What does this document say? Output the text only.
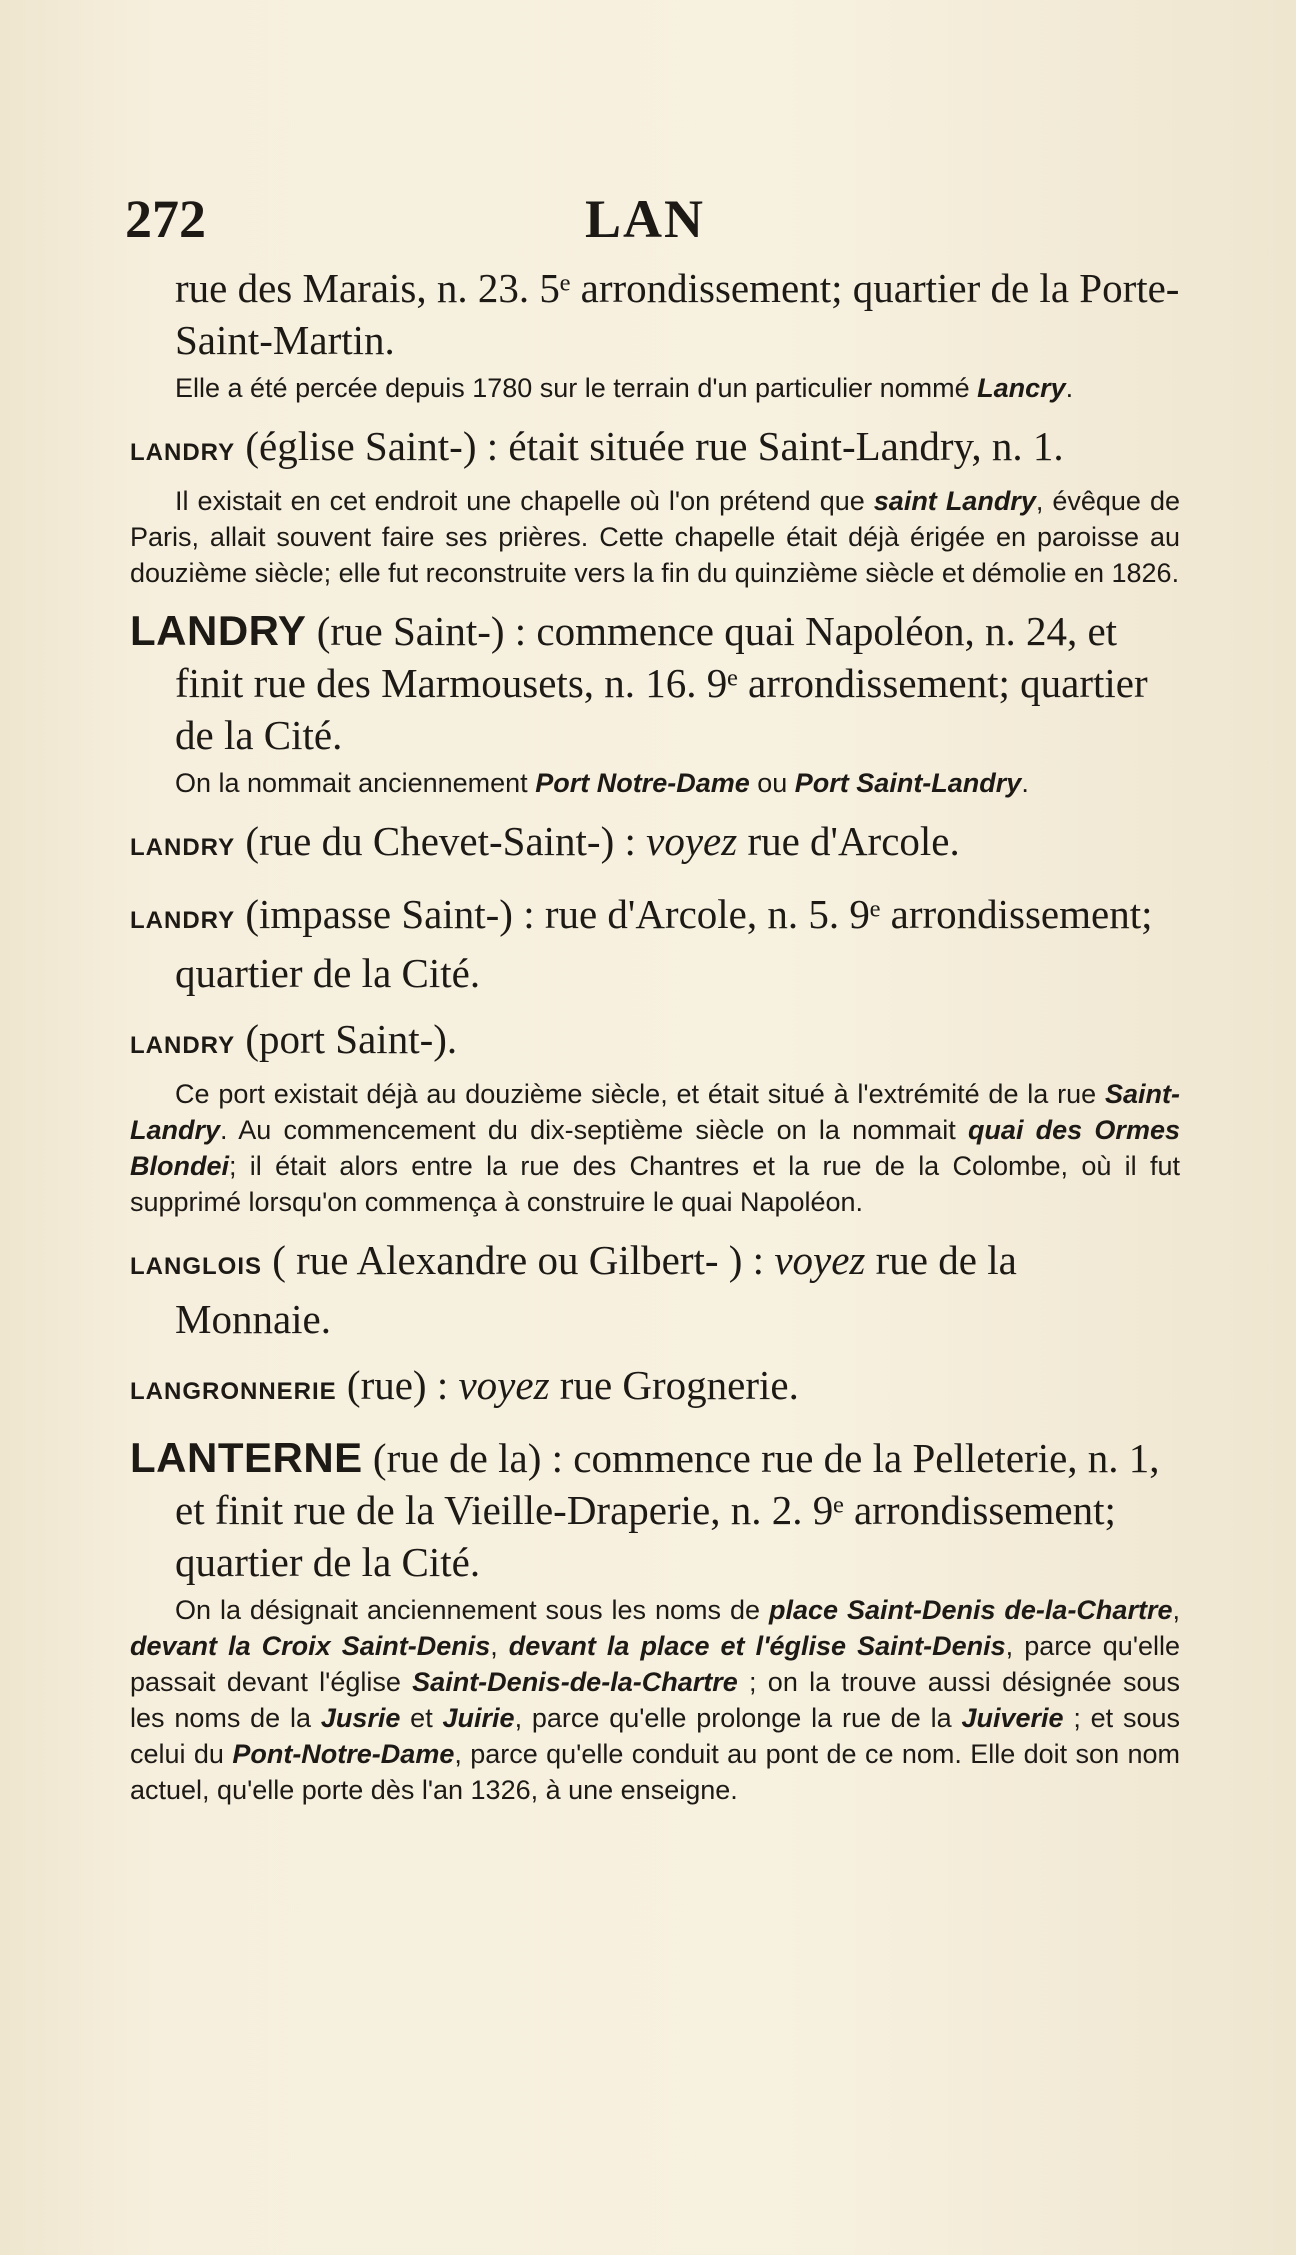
272	LAN

rue des Marais, n. 23. 5ᵉ arrondissement; quartier de la Porte-Saint-Martin.

Elle a été percée depuis 1780 sur le terrain d'un particulier nommé Lancry.

LANDRY (église Saint-) : était située rue Saint-Landry, n. 1.

Il existait en cet endroit une chapelle où l'on prétend que saint Landry, évêque de Paris, allait souvent faire ses prières. Cette chapelle était déjà érigée en paroisse au douzième siècle; elle fut reconstruite vers la fin du quinzième siècle et démolie en 1826.

LANDRY (rue Saint-) : commence quai Napoléon, n. 24, et finit rue des Marmousets, n. 16. 9ᵉ arrondissement; quartier de la Cité.

On la nommait anciennement Port Notre-Dame ou Port Saint-Landry.

LANDRY (rue du Chevet-Saint-) : voyez rue d'Arcole.

LANDRY (impasse Saint-) : rue d'Arcole, n. 5. 9ᵉ arrondissement; quartier de la Cité.

LANDRY (port Saint-).

Ce port existait déjà au douzième siècle, et était situé à l'extrémité de la rue Saint-Landry. Au commencement du dix-septième siècle on la nommait quai des Ormes Blondei; il était alors entre la rue des Chantres et la rue de la Colombe, où il fut supprimé lorsqu'on commença à construire le quai Napoléon.

LANGLOIS ( rue Alexandre ou Gilbert- ) : voyez rue de la Monnaie.

LANGRONNERIE (rue) : voyez rue Grognerie.

LANTERNE (rue de la) : commence rue de la Pelleterie, n. 1, et finit rue de la Vieille-Draperie, n. 2. 9ᵉ arrondissement; quartier de la Cité.

On la désignait anciennement sous les noms de place Saint-Denis de-la-Chartre, devant la Croix Saint-Denis, devant la place et l'église Saint-Denis, parce qu'elle passait devant l'église Saint-Denis-de-la-Chartre ; on la trouve aussi désignée sous les noms de la Jusrie et Juirie, parce qu'elle prolonge la rue de la Juiverie ; et sous celui du Pont-Notre-Dame, parce qu'elle conduit au pont de ce nom. Elle doit son nom actuel, qu'elle porte dès l'an 1326, à une enseigne.
